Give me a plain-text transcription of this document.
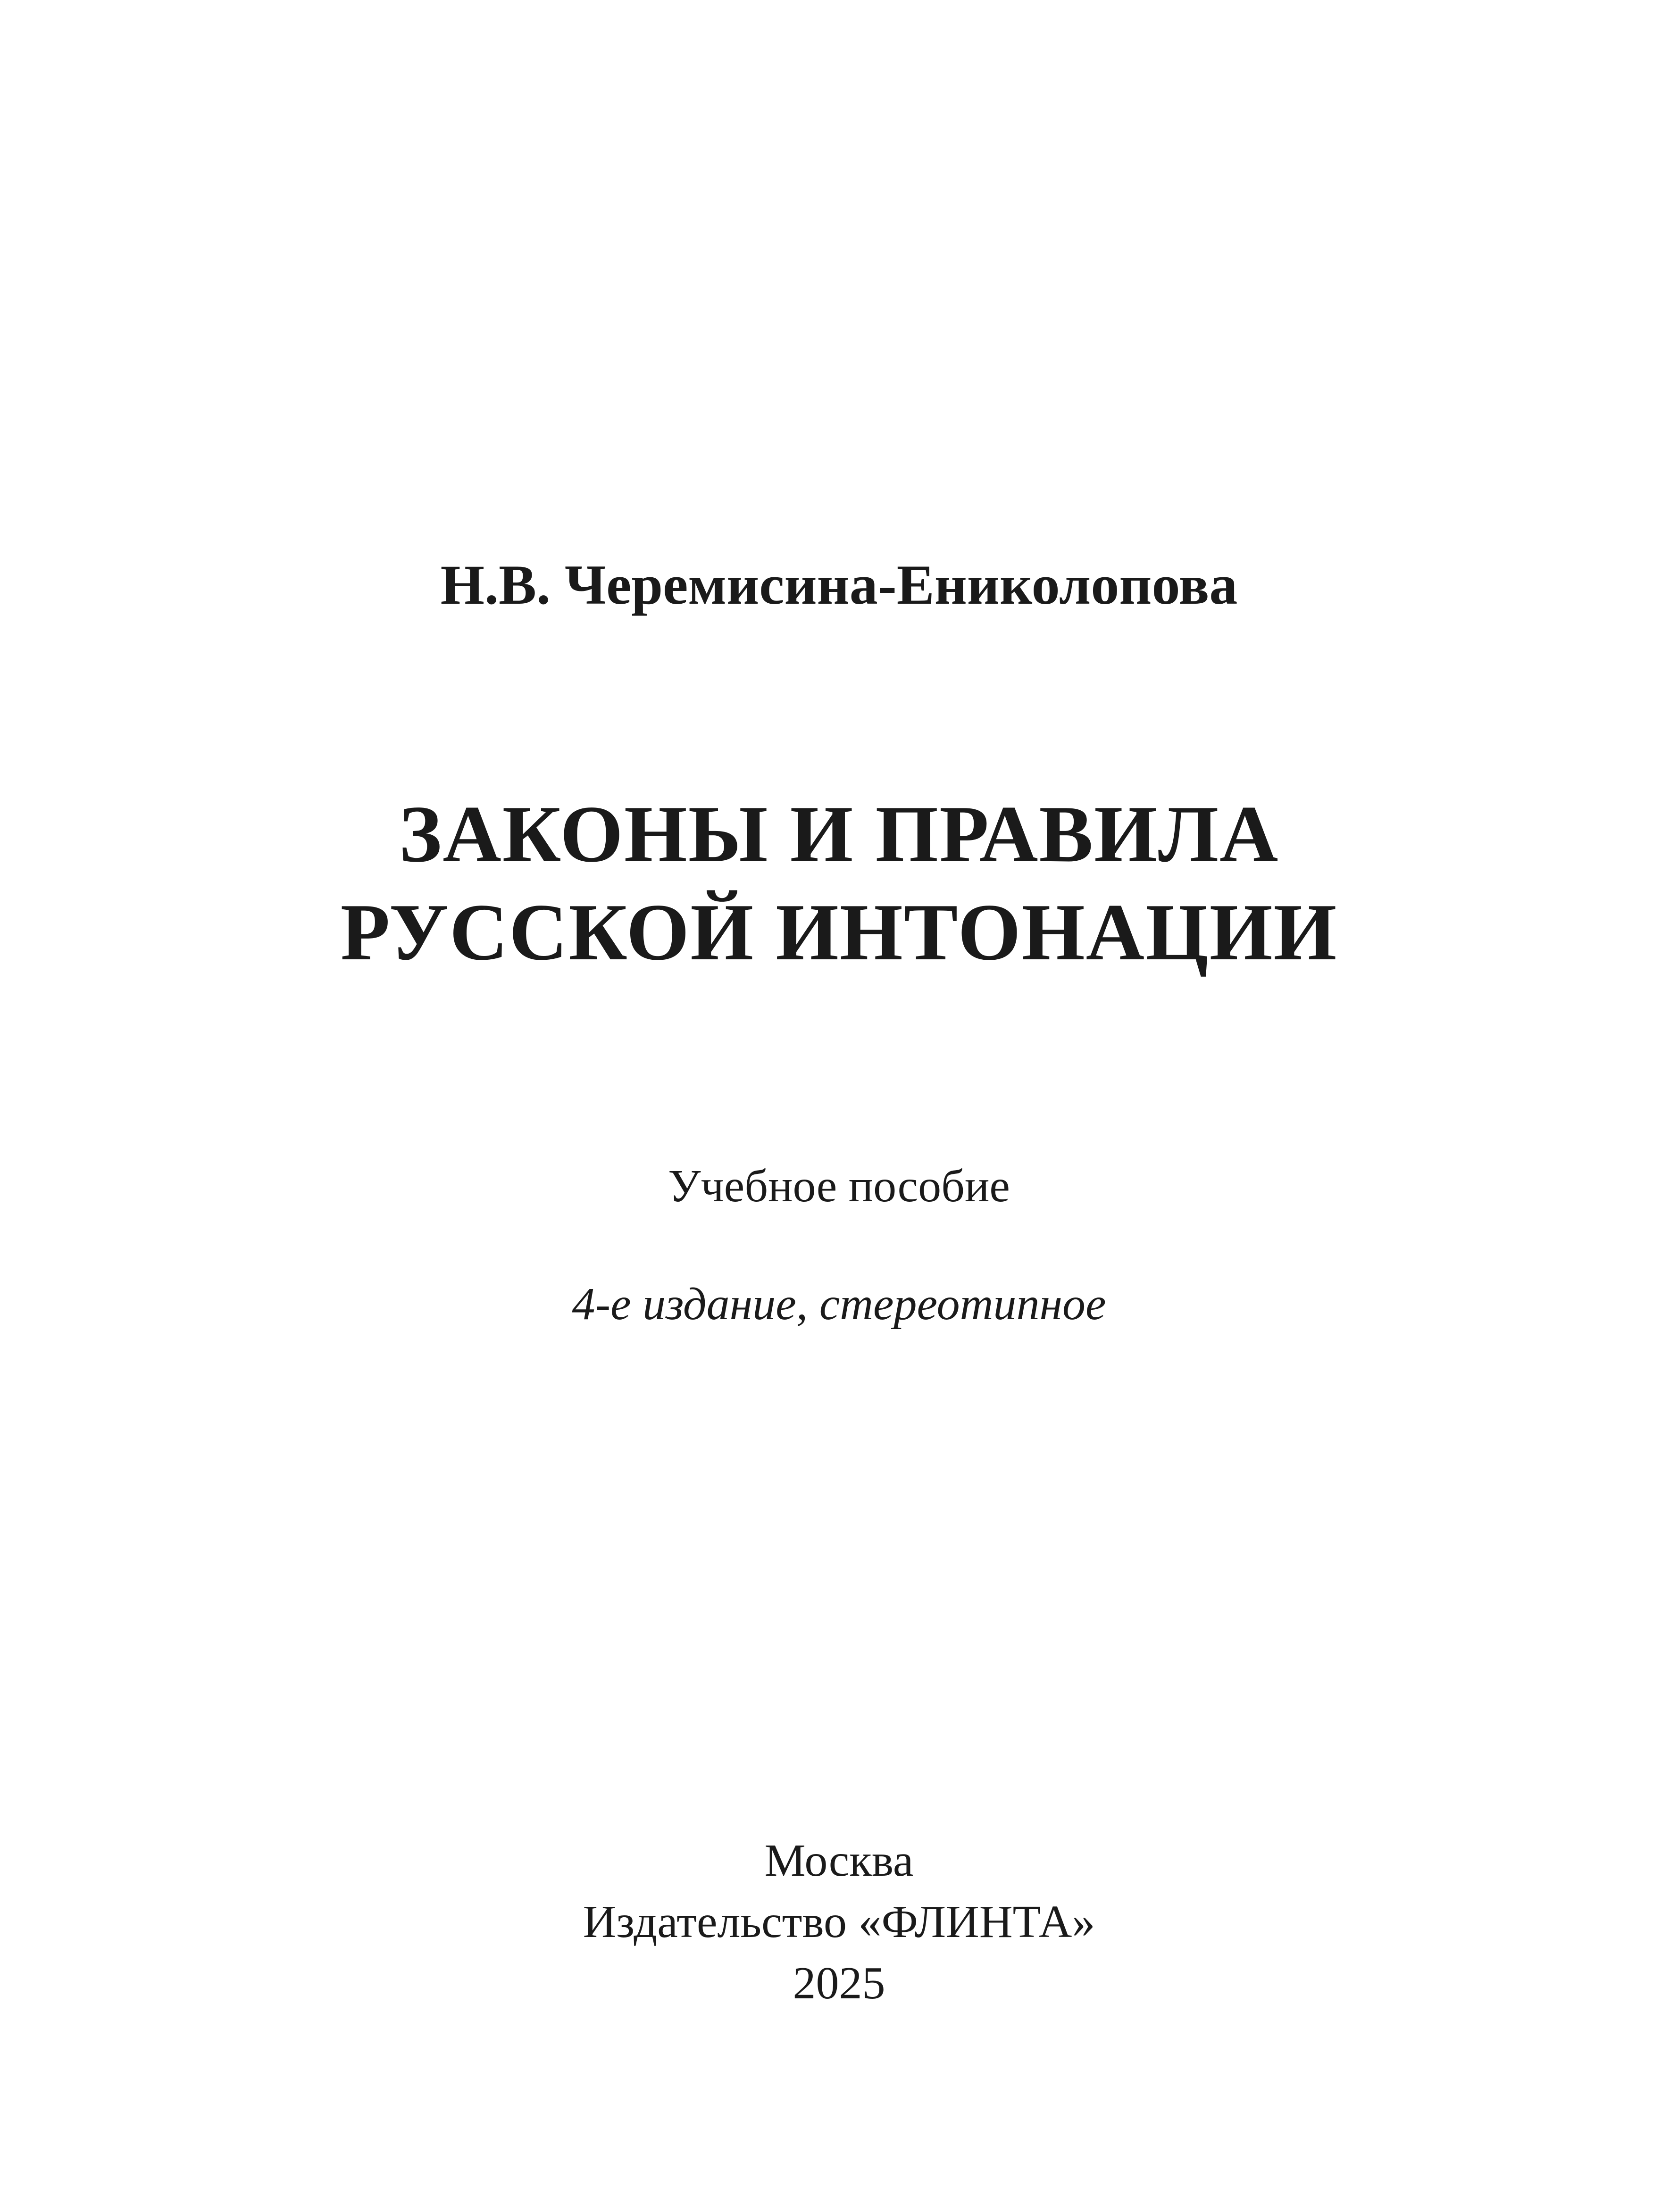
Н.В. Черемисина-Ениколопова

ЗАКОНЫ И ПРАВИЛА
РУССКОЙ ИНТОНАЦИИ

Учебное пособие

4-е издание, стереотипное

Москва
Издательство «ФЛИНТА»
2025
